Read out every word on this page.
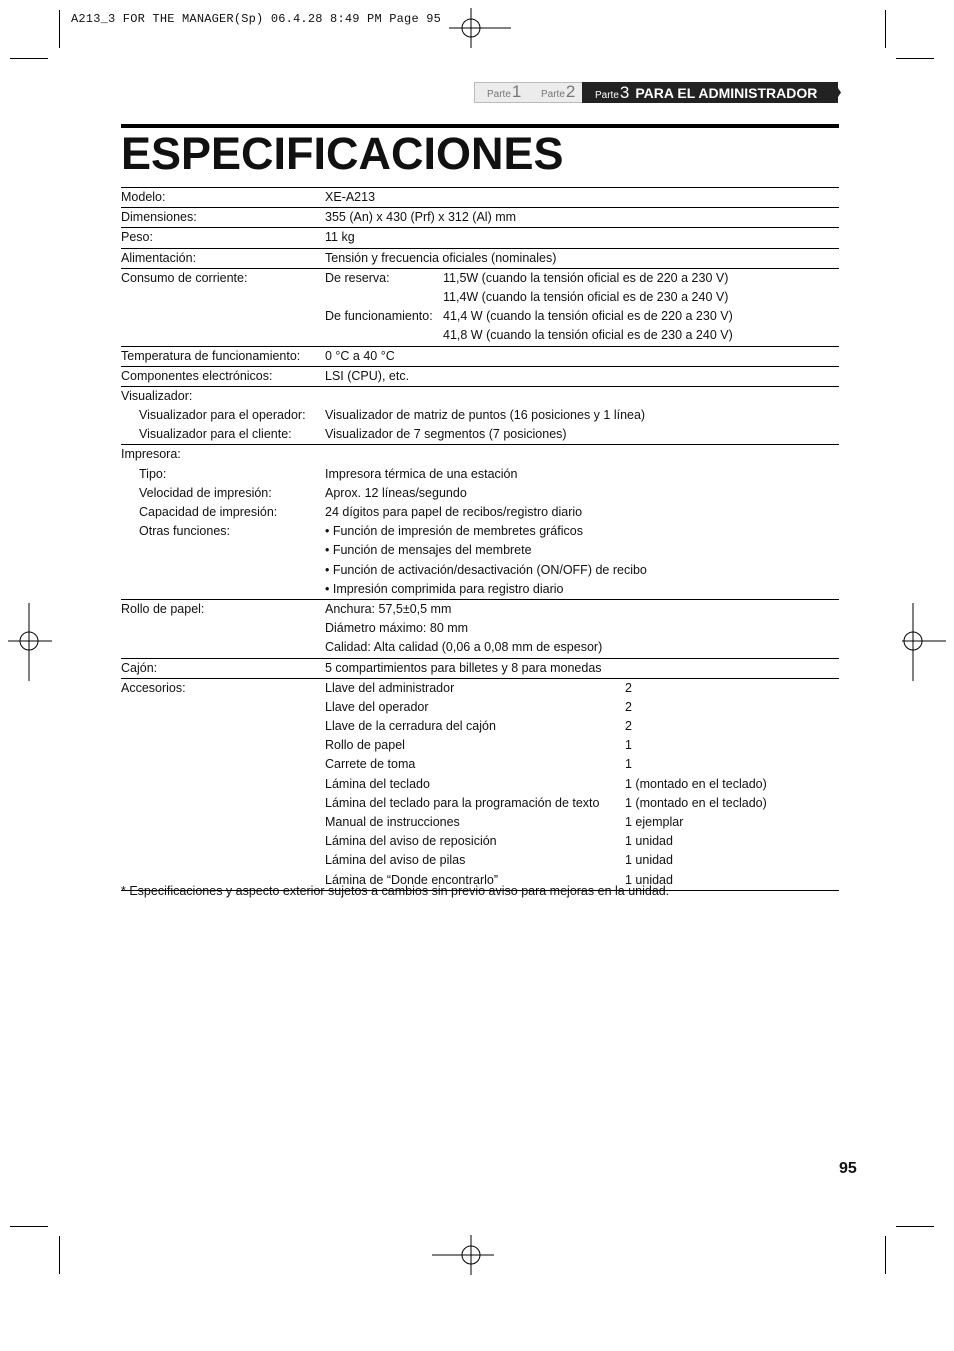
A213_3 FOR THE MANAGER(Sp) 06.4.28 8:49 PM Page 95
Parte 1 Parte 2 Parte 3 PARA EL ADMINISTRADOR
ESPECIFICACIONES
Modelo:	XE-A213
Dimensiones:	355 (An) x 430 (Prf) x 312 (Al) mm
Peso:	11 kg
Alimentación:	Tensión y frecuencia oficiales (nominales)
Consumo de corriente:	De reserva:	11,5W (cuando la tensión oficial es de 220 a 230 V)
11,4W (cuando la tensión oficial es de 230 a 240 V)
De funcionamiento: 41,4 W (cuando la tensión oficial es de 220 a 230 V)
41,8 W (cuando la tensión oficial es de 230 a 240 V)
Temperatura de funcionamiento: 0 °C a 40 °C
Componentes electrónicos:	LSI (CPU), etc.
Visualizador:
Visualizador para el operador: Visualizador de matriz de puntos (16 posiciones y 1 línea)
Visualizador para el cliente:	Visualizador de 7 segmentos (7 posiciones)
Impresora:
Tipo:	Impresora térmica de una estación
Velocidad de impresión:	Aprox. 12 líneas/segundo
Capacidad de impresión:	24 dígitos para papel de recibos/registro diario
Otras funciones:	• Función de impresión de membretes gráficos
• Función de mensajes del membrete
• Función de activación/desactivación (ON/OFF) de recibo
• Impresión comprimida para registro diario
Rollo de papel:	Anchura: 57,5±0,5 mm
Diámetro máximo: 80 mm
Calidad: Alta calidad (0,06 a 0,08 mm de espesor)
Cajón:	5 compartimientos para billetes y 8 para monedas
Accesorios:	Llave del administrador	2
Llave del operador	2
Llave de la cerradura del cajón	2
Rollo de papel	1
Carrete de toma	1
Lámina del teclado	1 (montado en el teclado)
Lámina del teclado para la programación de texto 1 (montado en el teclado)
Manual de instrucciones	1 ejemplar
Lámina del aviso de reposición	1 unidad
Lámina del aviso de pilas	1 unidad
Lámina de “Donde encontrarlo”	1 unidad
* Especificaciones y aspecto exterior sujetos a cambios sin previo aviso para mejoras en la unidad.
95
